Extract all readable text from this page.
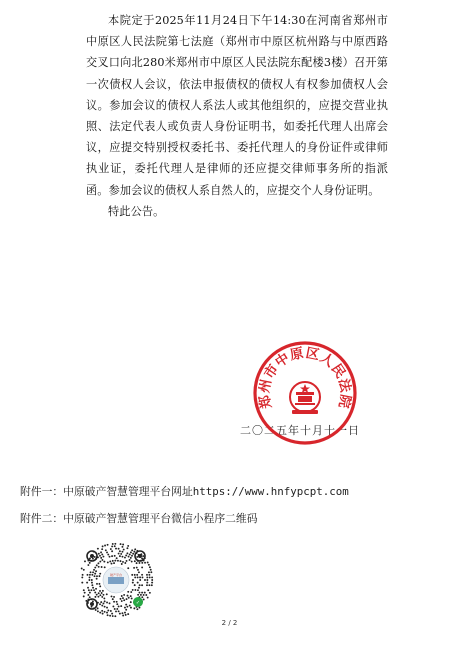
本院定于2025年11月24日下午14:30在河南省郑州市中原区人民法院第七法庭（郑州市中原区杭州路与中原西路交叉口向北280米郑州市中原区人民法院东配楼3楼）召开第一次债权人会议，依法申报债权的债权人有权参加债权人会议。参加会议的债权人系法人或其他组织的，应提交营业执照、法定代表人或负责人身份证明书，如委托代理人出席会议，应提交特别授权委托书、委托代理人的身份证件或律师执业证，委托代理人是律师的还应提交律师事务所的指派函。参加会议的债权人系自然人的，应提交个人身份证明。

特此公告。

二〇二五年十月十一日
郑州市中原区人民法院
附件一：中原破产智慧管理平台网址https://www.hnfypcpt.com
附件二：中原破产智慧管理平台微信小程序二维码
破产平台
✓
2 / 2
